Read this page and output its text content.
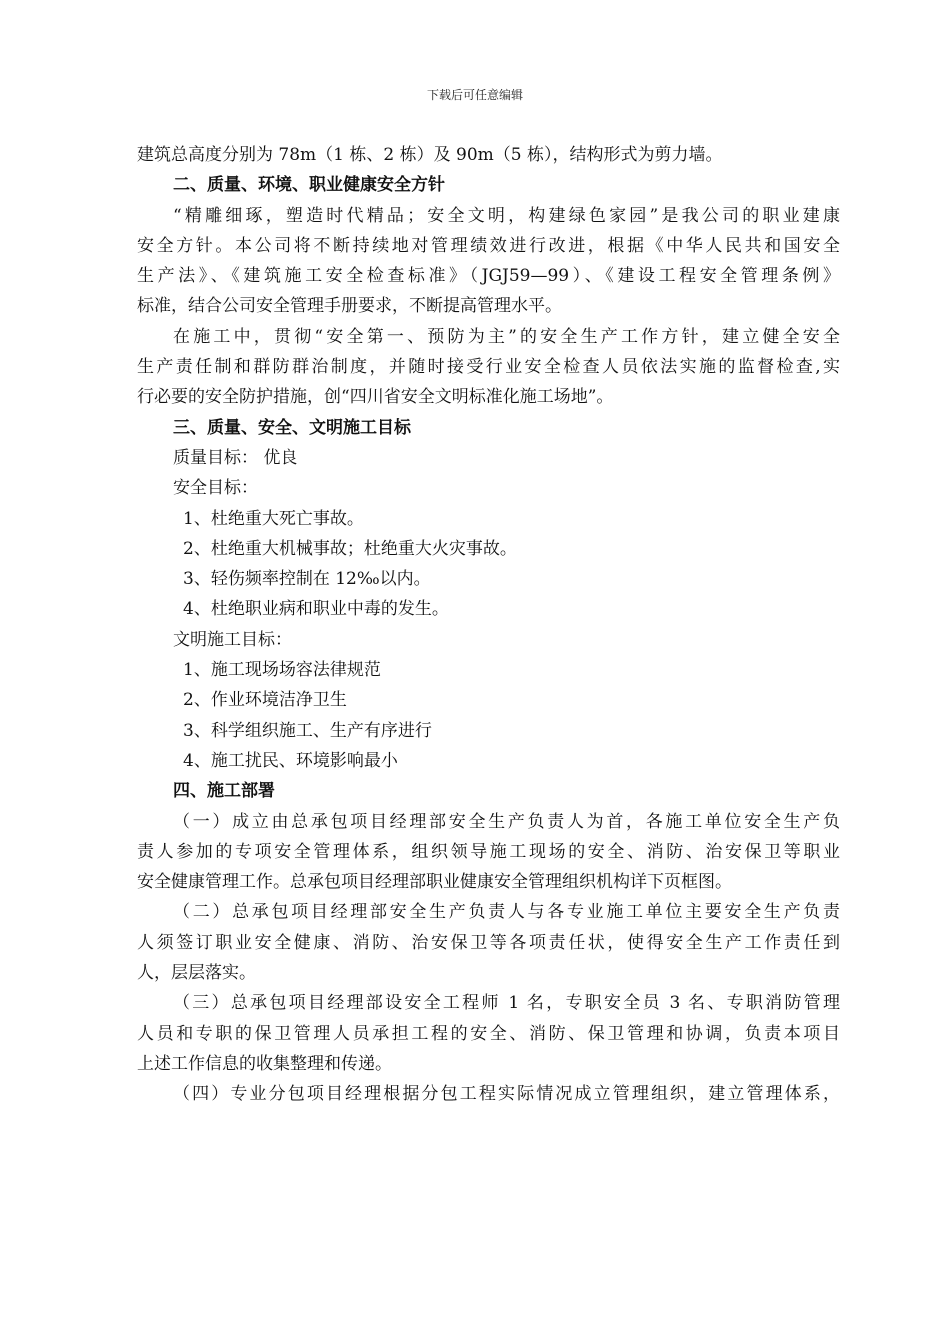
下载后可任意编辑
建筑总高度分别为 78m（1 栋、2 栋）及 90m（5 栋），结构形式为剪力墙。
二、质量、环境、职业健康安全方针
“精雕细琢，塑造时代精品；安全文明，构建绿色家园”是我公司的职业建康
安全方针。本公司将不断持续地对管理绩效进行改进，根据《中华人民共和国安全
生产法》、《建筑施工安全检查标准》（JGJ59—99）、《建设工程安全管理条例》
标准，结合公司安全管理手册要求，不断提高管理水平。
在施工中，贯彻“安全第一、预防为主”的安全生产工作方针，建立健全安全
生产责任制和群防群治制度，并随时接受行业安全检查人员依法实施的监督检查,实
行必要的安全防护措施，创“四川省安全文明标准化施工场地”。
三、质量、安全、文明施工目标
质量目标： 优良
安全目标：
1、杜绝重大死亡事故。
2、杜绝重大机械事故；杜绝重大火灾事故。
3、轻伤频率控制在 12‰以内。
4、杜绝职业病和职业中毒的发生。
文明施工目标：
1、施工现场场容法律规范
2、作业环境洁净卫生
3、科学组织施工、生产有序进行
4、施工扰民、环境影响最小
四、施工部署
（一）成立由总承包项目经理部安全生产负责人为首，各施工单位安全生产负
责人参加的专项安全管理体系，组织领导施工现场的安全、消防、治安保卫等职业
安全健康管理工作。总承包项目经理部职业健康安全管理组织机构详下页框图。
（二）总承包项目经理部安全生产负责人与各专业施工单位主要安全生产负责
人须签订职业安全健康、消防、治安保卫等各项责任状，使得安全生产工作责任到
人，层层落实。
（三）总承包项目经理部设安全工程师 1 名，专职安全员 3 名、专职消防管理
人员和专职的保卫管理人员承担工程的安全、消防、保卫管理和协调，负责本项目
上述工作信息的收集整理和传递。
（四）专业分包项目经理根据分包工程实际情况成立管理组织，建立管理体系，
